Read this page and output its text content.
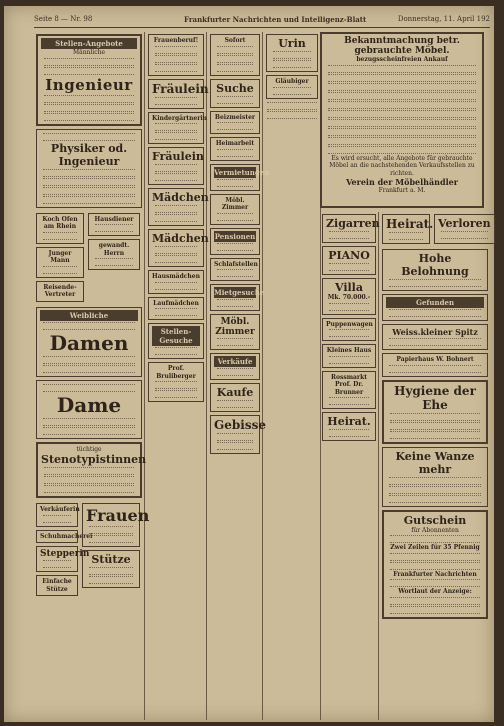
Seite 8 — Nr. 98	Frankfurter Nachrichten und Intelligenz-Blatt	Donnerstag, 11. April 192
Stellen-Angebote
Männliche
Ingenieur
Physiker od. Ingenieur
Koch Ofen am Rhein
Junger Mann
Reisende-Vertreter
Hausdiener
gewandt. Herrn
Weibliche
Damen
Dame
tüchtige
Stenotypistinnen
Verkäuferin
Schuhmacherei
Stepperin
Einfache Stütze
Frauen
Stütze
Frauenberuf!
Fräulein
Kindergärtnerin
Fräulein
Mädchen
Mädchen
Hausmädchen
Laufmädchen
Stellen-Gesuche
Prof. Bruliberger
Sofort
Suche
Beizmeister
Heimarbeit
Vermietungen
Möbl. Zimmer
Pensionen
Schlafstellen
Mietgesuche
Möbl. Zimmer
Verkäufe
Kaufe
Gebisse
Urin
Gläubiger
Bekanntmachung betr. gebrauchte Möbel.
bezugsscheinfreien Ankauf
Es wird ersucht, alle Angebote für gebrauchte Möbel an die nachstehenden Verkaufsstellen zu richten.
Verein der Möbelhändler
Frankfurt a. M.
Zigarren
PIANO
Villa
Mk. 70.000.-
Puppenwagen
Kleines Haus
Rossmarkt
Prof. Dr. Brunner
Heirat.
Heirat. Verloren
Hohe Belohnung
Gefunden
Weiss.kleiner Spitz
Papierhaus W. Bohnert
Hygiene der Ehe
Keine Wanze mehr
Gutschein
für Abonnenten
Zwei Zeilen für 35 Pfennig
Frankfurter Nachrichten
Wortlaut der Anzeige:
